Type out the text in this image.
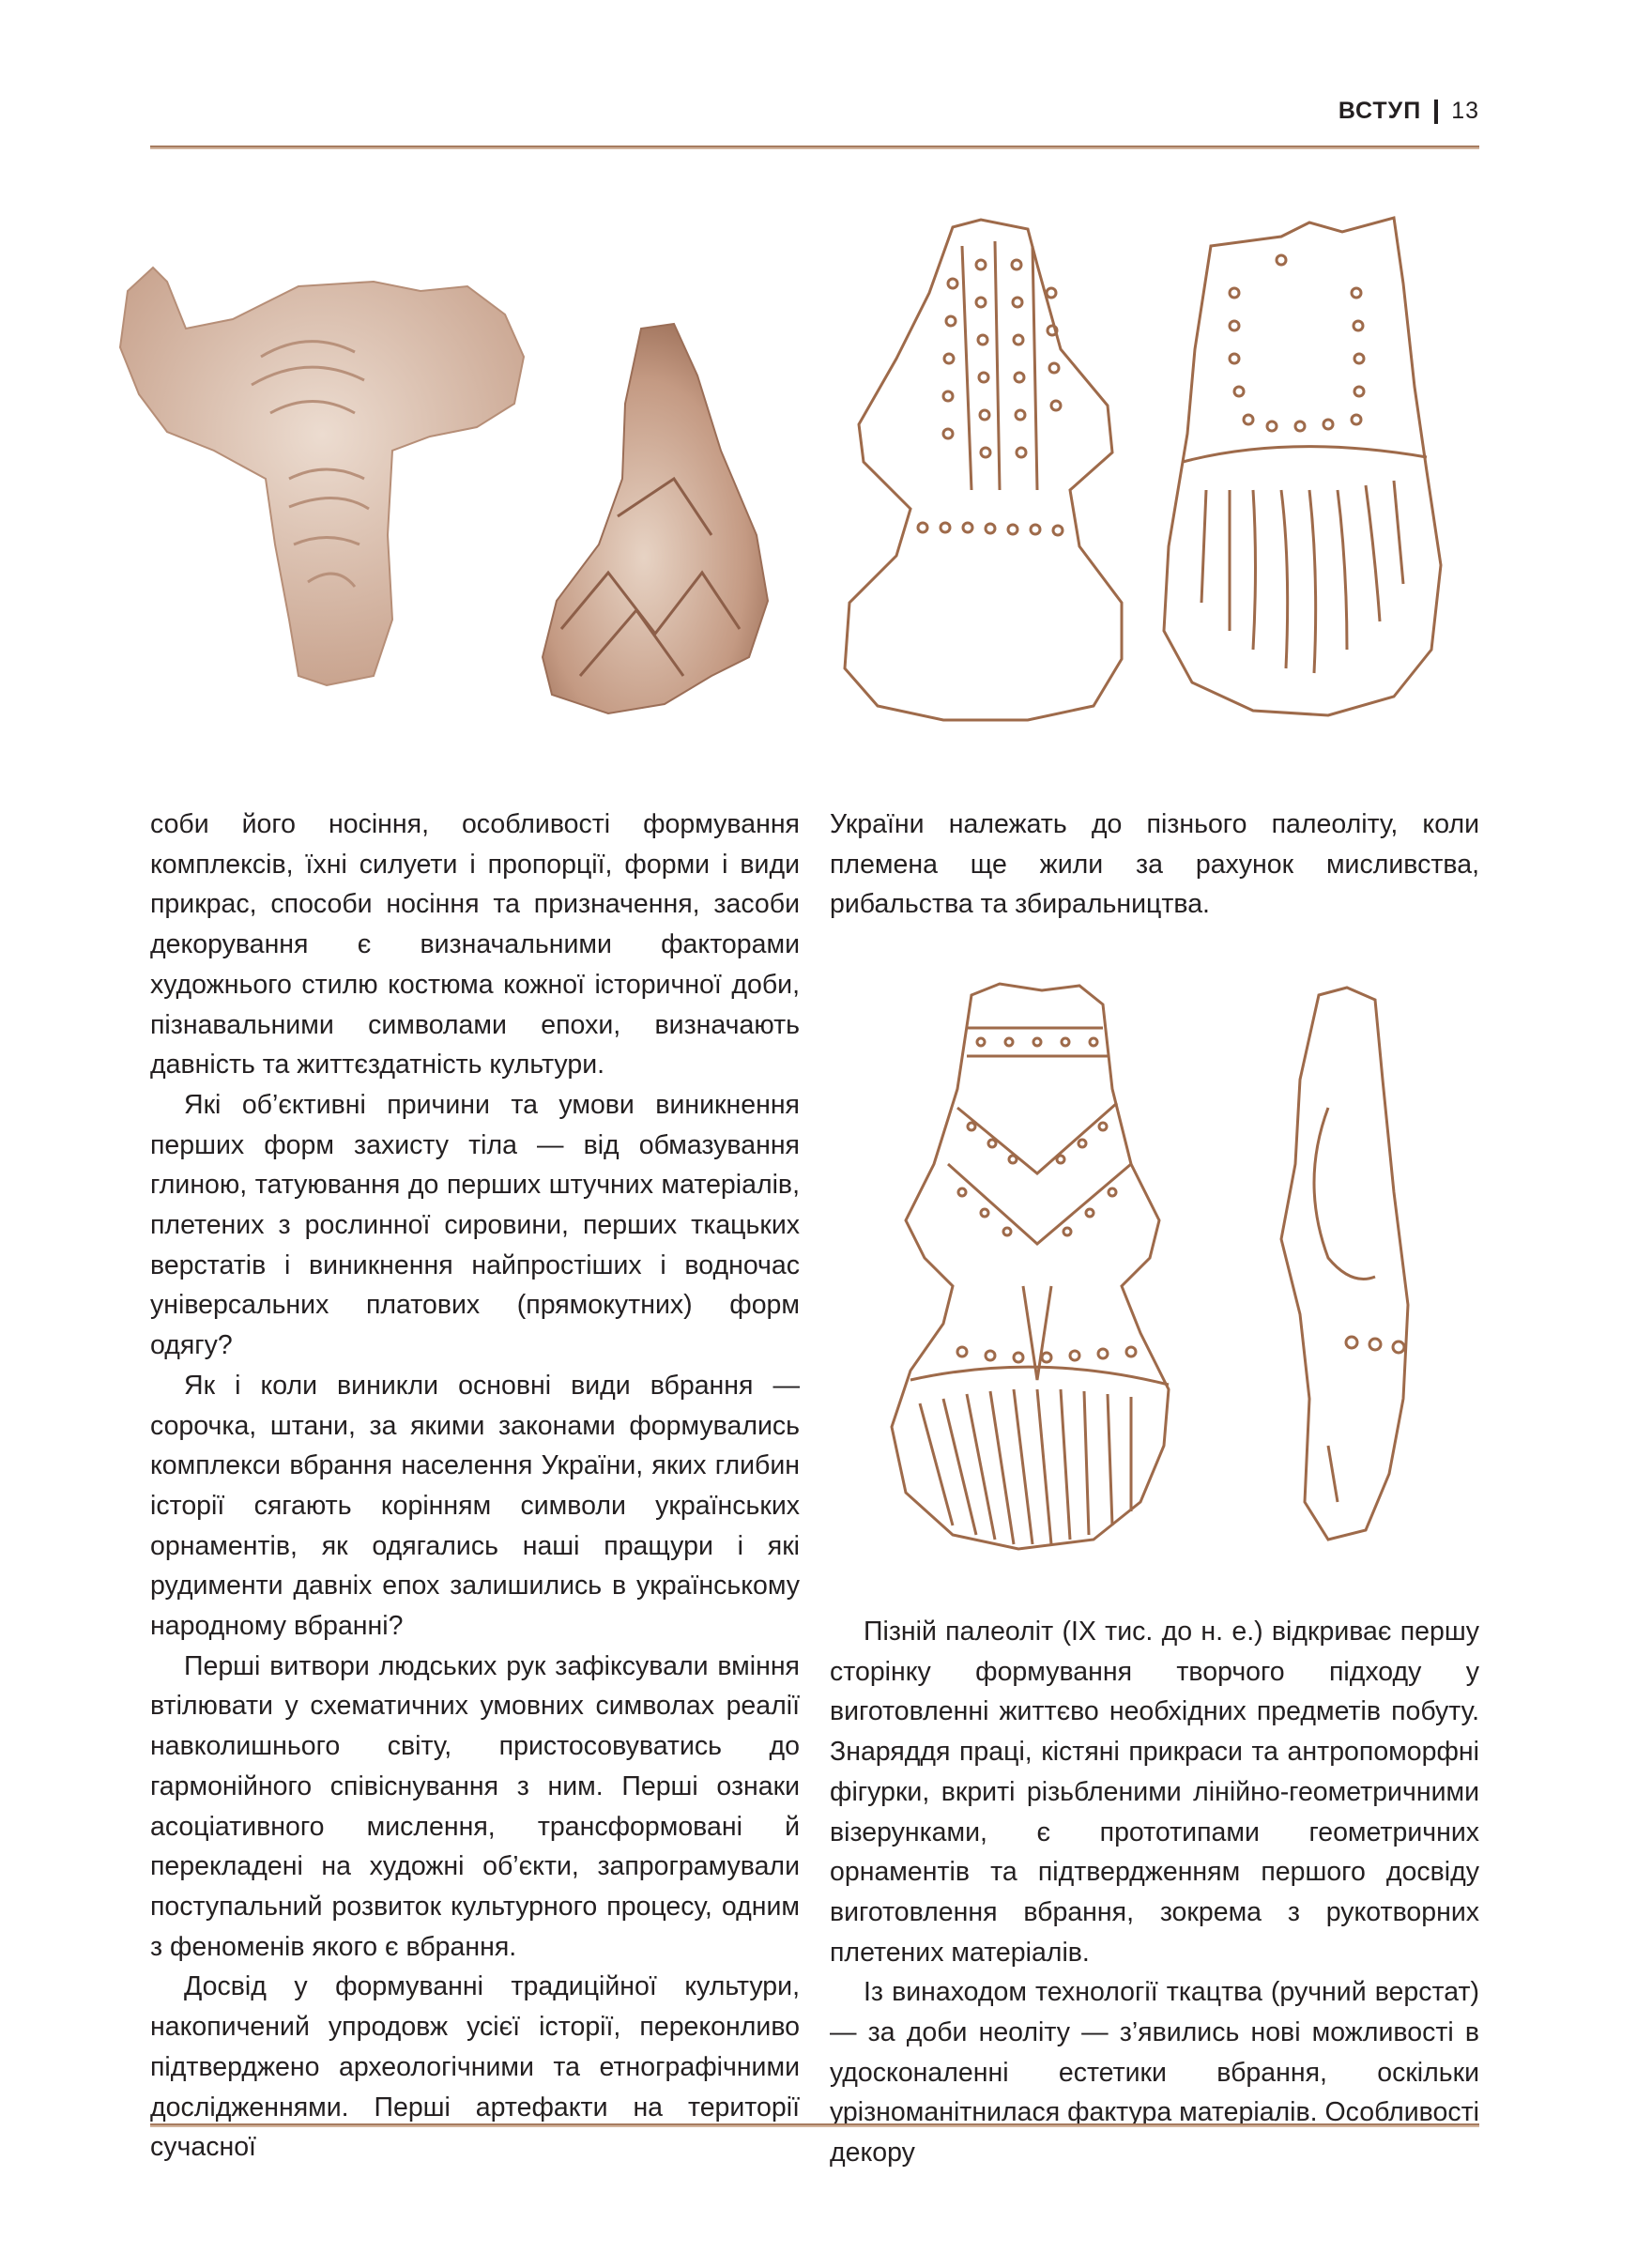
ВСТУП 13

соби його носіння, особливості формування комплексів, їхні силуети і пропорції, форми і види прикрас, способи носіння та призначення, засоби декорування є визначальними факторами художнього стилю костюма кожної історичної доби, пізнавальними символами епохи, визначають давність та життєздатність культури.

Які об’єктивні причини та умови виникнення перших форм захисту тіла — від обмазування глиною, татуювання до перших штучних матеріалів, плетених з рослинної сировини, перших ткацьких верстатів і виникнення найпростіших і водночас універсальних платових (прямокутних) форм одягу?

Як і коли виникли основні види вбрання — сорочка, штани, за якими законами формувались комплекси вбрання населення України, яких глибин історії сягають корінням символи українських орнаментів, як одягались наші пращури і які рудименти давніх епох залишились в українському народному вбранні?

Перші витвори людських рук зафіксували вміння втілювати у схематичних умовних символах реалії навколишнього світу, пристосовуватись до гармонійного співіснування з ним. Перші ознаки асоціативного мислення, трансформовані й перекладені на художні об’єкти, запрограмували поступальний розвиток культурного процесу, одним з феноменів якого є вбрання.

Досвід у формуванні традиційної культури, накопичений упродовж усієї історії, переконливо підтверджено археологічними та етнографічними дослідженнями. Перші артефакти на території сучасної

України належать до пізнього палеоліту, коли племена ще жили за рахунок мисливства, рибальства та збиральництва.

Пізній палеоліт (ІХ тис. до н. е.) відкриває першу сторінку формування творчого підходу у виготовленні життєво необхідних предметів побуту. Знаряддя праці, кістяні прикраси та антропоморфні фігурки, вкриті різьбленими лінійно-геометричними візерунками, є прототипами геометричних орнаментів та підтвердженням першого досвіду виготовлення вбрання, зокрема з рукотворних плетених матеріалів.

Із винаходом технології ткацтва (ручний верстат) — за доби неоліту — з’явились нові можливості в удосконаленні естетики вбрання, оскільки урізноманітнилася фактура матеріалів. Особливості декору
